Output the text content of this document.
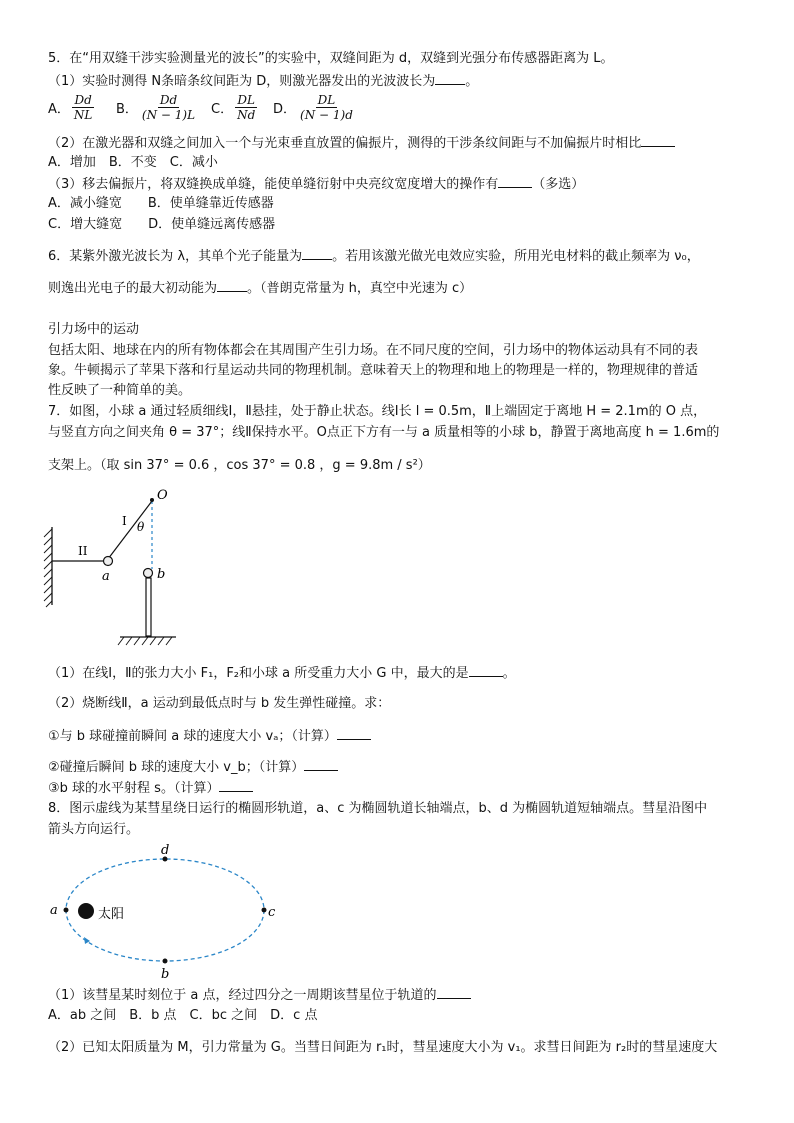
5．在“用双缝干涉实验测量光的波长”的实验中，双缝间距为 d，双缝到光强分布传感器距离为 L。
（1）实验时测得 N条暗条纹间距为 D，则激光器发出的光波波长为 。
A． $\frac{Dd}{NL}$ B． $\frac{Dd}{(N - 1)L}$ C． $\frac{DL}{Nd}$ D． $\frac{DL}{(N - 1)d}$
（2）在激光器和双缝之间加入一个与光束垂直放置的偏振片，测得的干涉条纹间距与不加偏振片时相比
A．增加　B．不变　C．减小
（3）移去偏振片，将双缝换成单缝，能使单缝衍射中央亮纹宽度增大的操作有	（多选）
A．减小缝宽　　B．使单缝靠近传感器
C．增大缝宽　　D．使单缝远离传感器
6．某紫外激光波长为 λ，其单个光子能量为 。若用该激光做光电效应实验，所用光电材料的截止频率为 ν₀，
则逸出光电子的最大初动能为 。（普朗克常量为 h，真空中光速为 c）
引力场中的运动
包括太阳、地球在内的所有物体都会在其周围产生引力场。在不同尺度的空间，引力场中的物体运动具有不同的表
象。牛顿揭示了苹果下落和行星运动共同的物理机制。意味着天上的物理和地上的物理是一样的，物理规律的普适
性反映了一种简单的美。
7．如图，小球 a 通过轻质细线Ⅰ，Ⅱ悬挂，处于静止状态。线Ⅰ长 l = 0.5m，Ⅱ上端固定于离地 H = 2.1m的 O 点，
与竖直方向之间夹角 θ = 37°；线Ⅱ保持水平。O点正下方有一与 a 质量相等的小球 b，静置于离地高度 h = 1.6m的
支架上。（取 sin 37° = 0.6 ，cos 37° = 0.8 ，g = 9.8m / s²）
O
I
II
θ
a	b
（1）在线Ⅰ，Ⅱ的张力大小 F₁，F₂和小球 a 所受重力大小 G 中，最大的是	。
（2）烧断线Ⅱ，a 运动到最低点时与 b 发生弹性碰撞。求：
①与 b 球碰撞前瞬间 a 球的速度大小 vₐ；（计算）
②碰撞后瞬间 b 球的速度大小 v_b；（计算）
③b 球的水平射程 s。（计算）
8．图示虚线为某彗星绕日运行的椭圆形轨道，a、c 为椭圆轨道长轴端点，b、d 为椭圆轨道短轴端点。彗星沿图中
箭头方向运行。
a
b
c
d
太阳
（1）该彗星某时刻位于 a 点，经过四分之一周期该彗星位于轨道的
A．ab 之间　B．b 点　C．bc 之间　D．c 点
（2）已知太阳质量为 M，引力常量为 G。当彗日间距为 r₁时，彗星速度大小为 v₁。求彗日间距为 r₂时的彗星速度大
